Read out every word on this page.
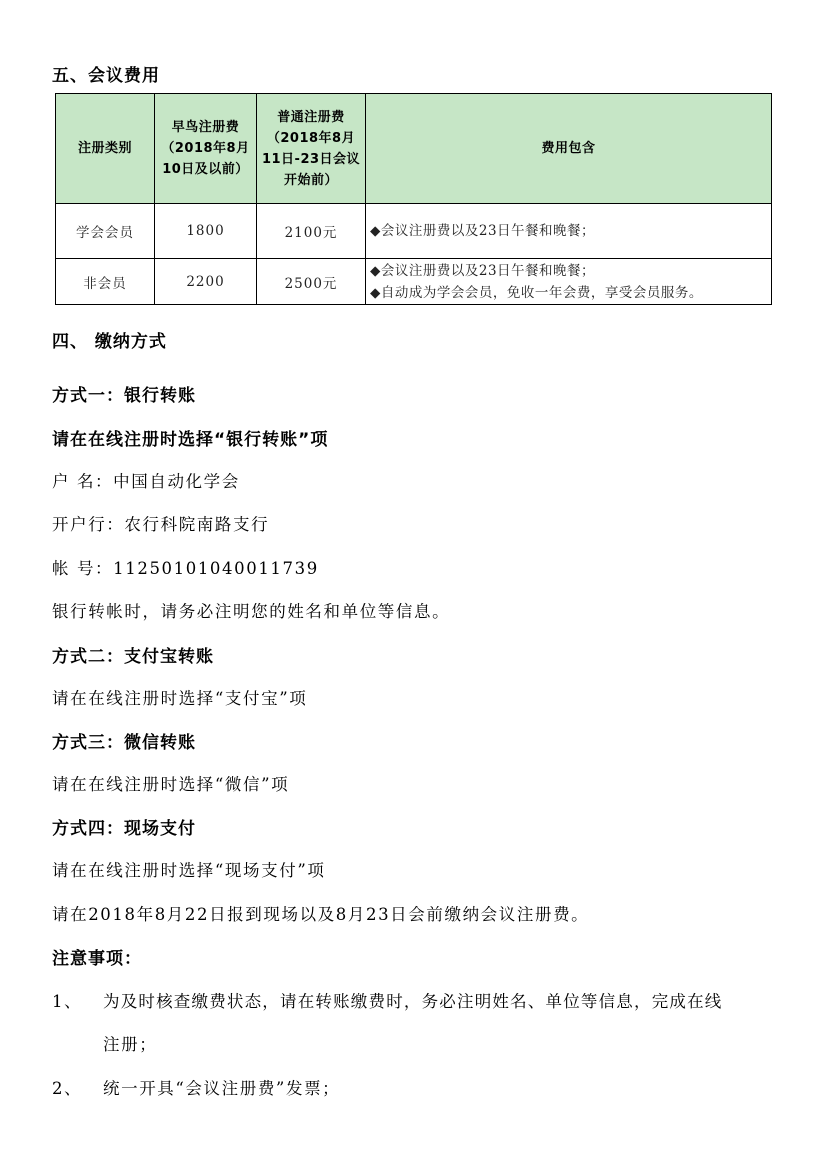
五、会议费用
注册类别	早鸟注册费（2018年8月10日及以前）	普通注册费（2018年8月11日-23日会议开始前）	费用包含
学会会员	1800	2100元	◆会议注册费以及23日午餐和晚餐；

非会员	2200	2500元	◆会议注册费以及23日午餐和晚餐；
◆自动成为学会会员，免收一年会费，享受会员服务。
四、 缴纳方式
方式一：银行转账
请在在线注册时选择“银行转账”项
户 名：中国自动化学会
开户行：农行科院南路支行
帐 号：11250101040011739
银行转帐时，请务必注明您的姓名和单位等信息。
方式二：支付宝转账
请在在线注册时选择“支付宝”项
方式三：微信转账
请在在线注册时选择“微信”项
方式四：现场支付
请在在线注册时选择“现场支付”项
请在2018年8月22日报到现场以及8月23日会前缴纳会议注册费。
注意事项：
1、 为及时核查缴费状态，请在转账缴费时，务必注明姓名、单位等信息，完成在线
注册；
2、 统一开具“会议注册费”发票；
